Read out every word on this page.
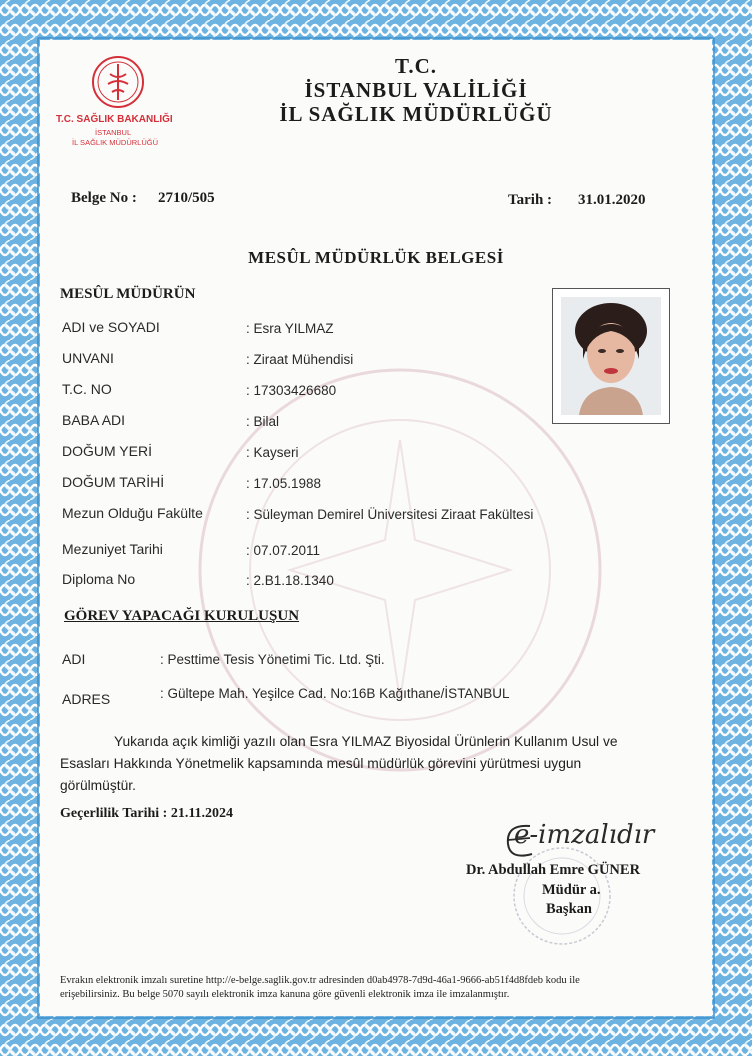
T.C. SAĞLIK BAKANLIĞI
İSTANBUL
İL SAĞLIK MÜDÜRLÜĞÜ
T.C.
İSTANBUL VALİLİĞİ
İL SAĞLIK MÜDÜRLÜĞÜ
Belge No : 2710/505	Tarih : 31.01.2020
MESÛL MÜDÜRLÜK BELGESİ
MESÛL MÜDÜRÜN
ADI ve SOYADI	: Esra YILMAZ
UNVANI	: Ziraat Mühendisi
T.C. NO	: 17303426680
BABA ADI	: Bilal
DOĞUM YERİ	: Kayseri
DOĞUM TARİHİ	: 17.05.1988
Mezun Olduğu Fakülte	: Süleyman Demirel Üniversitesi Ziraat Fakültesi
Mezuniyet Tarihi	: 07.07.2011
Diploma No	: 2.B1.18.1340
GÖREV YAPACAĞI KURULUŞUN
ADI	: Pesttime Tesis Yönetimi Tic. Ltd. Şti.
ADRES	: Gültepe Mah. Yeşilce Cad. No:16B Kağıthane/İSTANBUL
Yukarıda açık kimliği yazılı olan Esra YILMAZ Biyosidal Ürünlerin Kullanım Usul ve
Esasları Hakkında Yönetmelik kapsamında mesûl müdürlük görevini yürütmesi uygun
görülmüştür.
Geçerlilik Tarihi : 21.11.2024
e-imzalıdır
Dr. Abdullah Emre GÜNER
Müdür a.
Başkan
Evrakın elektronik imzalı suretine http://e-belge.saglik.gov.tr adresinden d0ab4978-7d9d-46a1-9666-ab51f4d8fdeb kodu ile
erişebilirsiniz. Bu belge 5070 sayılı elektronik imza kanuna göre güvenli elektronik imza ile imzalanmıştır.
